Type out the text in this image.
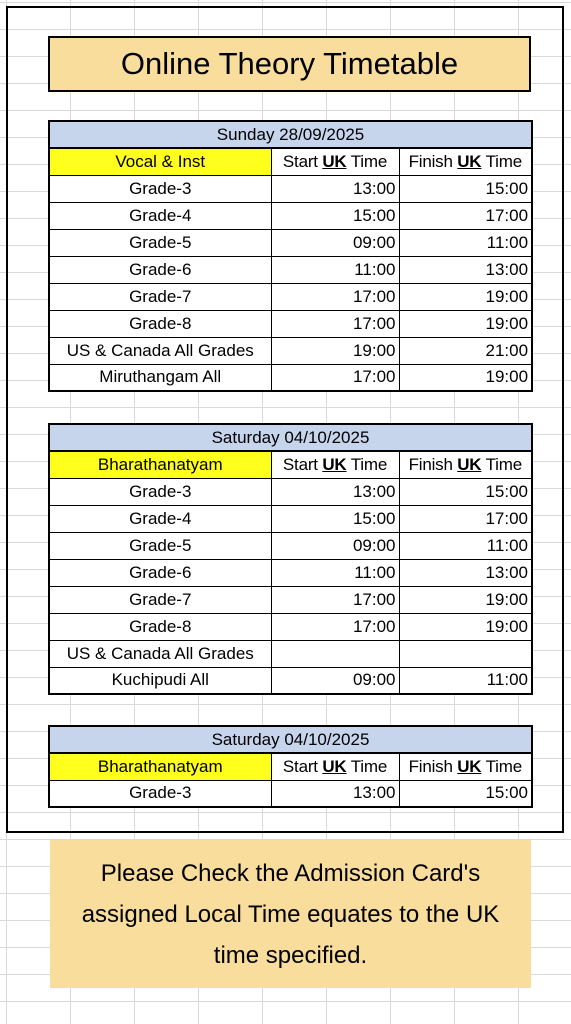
Online Theory Timetable
Sunday 28/09/2025		
Vocal & Inst	Start UK Time	Finish UK Time
Grade-3	13:00	15:00
Grade-4	15:00	17:00
Grade-5	09:00	11:00
Grade-6	11:00	13:00
Grade-7	17:00	19:00
Grade-8	17:00	19:00
US & Canada All Grades	19:00	21:00
Miruthangam All	17:00	19:00
Saturday 04/10/2025		
Bharathanatyam	Start UK Time	Finish UK Time
Grade-3	13:00	15:00
Grade-4	15:00	17:00
Grade-5	09:00	11:00
Grade-6	11:00	13:00
Grade-7	17:00	19:00
Grade-8	17:00	19:00
US & Canada All Grades		
Kuchipudi All	09:00	11:00
Saturday 04/10/2025		
Bharathanatyam	Start UK Time	Finish UK Time
Grade-3	13:00	15:00
Please Check the Admission Card's assigned Local Time equates to the UK time specified.
